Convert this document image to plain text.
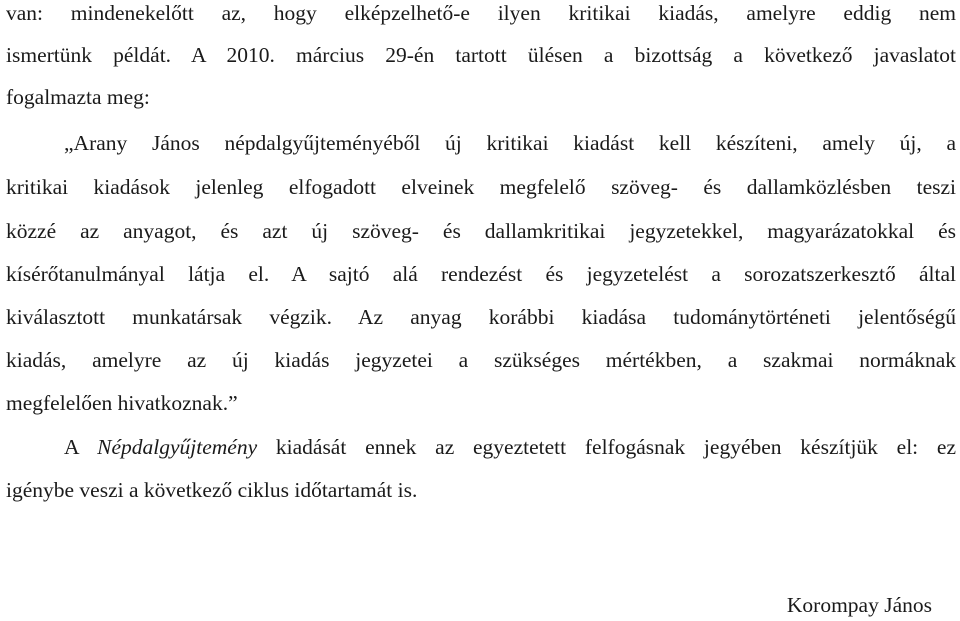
van: mindenekelőtt az, hogy elképzelhető-e ilyen kritikai kiadás, amelyre eddig nem
ismertünk példát. A 2010. március 29-én tartott ülésen a bizottság a következő javaslatot
fogalmazta meg:
„Arany János népdalgyűjteményéből új kritikai kiadást kell készíteni, amely új, a
kritikai kiadások jelenleg elfogadott elveinek megfelelő szöveg- és dallamközlésben teszi
közzé az anyagot, és azt új szöveg- és dallamkritikai jegyzetekkel, magyarázatokkal és
kísérőtanulmányal látja el. A sajtó alá rendezést és jegyzetelést a sorozatszerkesztő által
kiválasztott munkatársak végzik. Az anyag korábbi kiadása tudománytörténeti jelentőségű
kiadás, amelyre az új kiadás jegyzetei a szükséges mértékben, a szakmai normáknak
megfelelően hivatkoznak.”
A Népdalgyűjtemény kiadását ennek az egyeztetett felfogásnak jegyében készítjük el: ez
igénybe veszi a következő ciklus időtartamát is.
Korompay János
